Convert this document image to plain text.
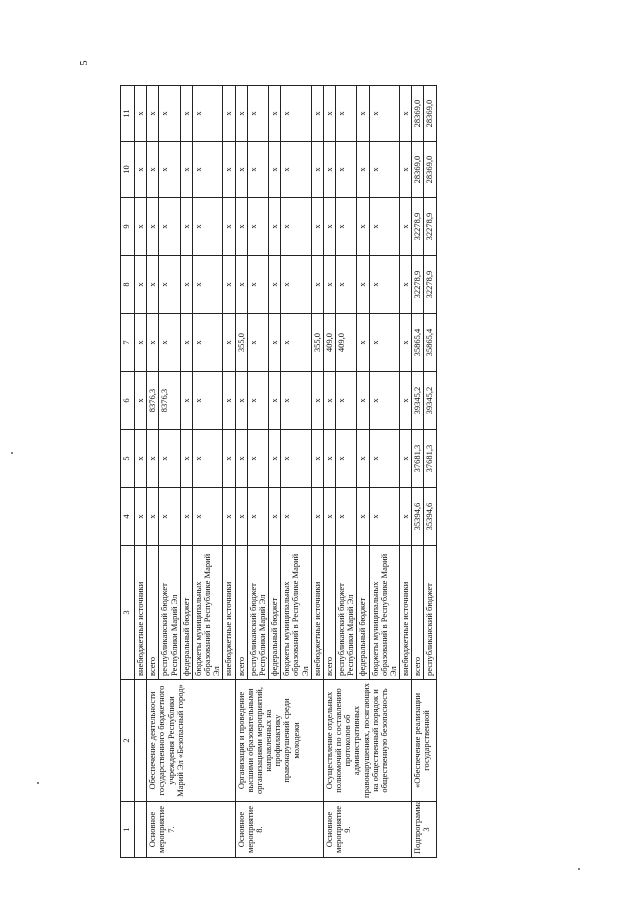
5
1	2	3	4	5	6	7	8	9	10	11
		внебюджетные источники	x	x	x	x	x	x	x	x
Основное мероприятие 7.	Обеспечение деятельности государственного бюджетного учреждения Республики Марий Эл «Безопасный город»	всего	x	x	8376,3	x	x	x	x	x
		республиканский бюджет Республики Марий Эл	x	x	8376,3	x	x	x	x	x
		федеральный бюджет	x	x	x	x	x	x	x	x
		бюджеты муниципальных образований в Республике Марий Эл	x	x	x	x	x	x	x	x
		внебюджетные источники	x	x	x	x	x	x	x	x
Основное мероприятие 8.	Организация и проведение высшими образовательными организациями мероприятий, направленных на профилактику правонарушений среди молодежи	всего	x	x	x	355,0	x	x	x	x
		республиканский бюджет Республики Марий Эл	x	x	x	x	x	x	x	x
		федеральный бюджет	x	x	x	x	x	x	x	x
		бюджеты муниципальных образований в Республике Марий Эл	x	x	x	x	x	x	x	x
		внебюджетные источники	x	x	x	355,0	x	x	x	x
Основное мероприятие 9.	Осуществление отдельных полномочий по составлению протоколов об административных правонарушениях, посягающих на общественный порядок и общественную безопасность	всего	x	x	x	409,0	x	x	x	x
		республиканский бюджет Республики Марий Эл	x	x	x	409,0	x	x	x	x
		федеральный бюджет	x	x	x	x	x	x	x	x
		бюджеты муниципальных образований в Республике Марий Эл	x	x	x	x	x	x	x	x
		внебюджетные источники	x	x	x	x	x	x	x	x
Подпрограмма 3	«Обеспечение реализации государственной	всего	35394,6	37681,3	39345,2	35865,4	32278,9	32278,9	28369,0	28369,0
		республиканский бюджет	35394,6	37681,3	39345,2	35865,4	32278,9	32278,9	28369,0	28369,0
